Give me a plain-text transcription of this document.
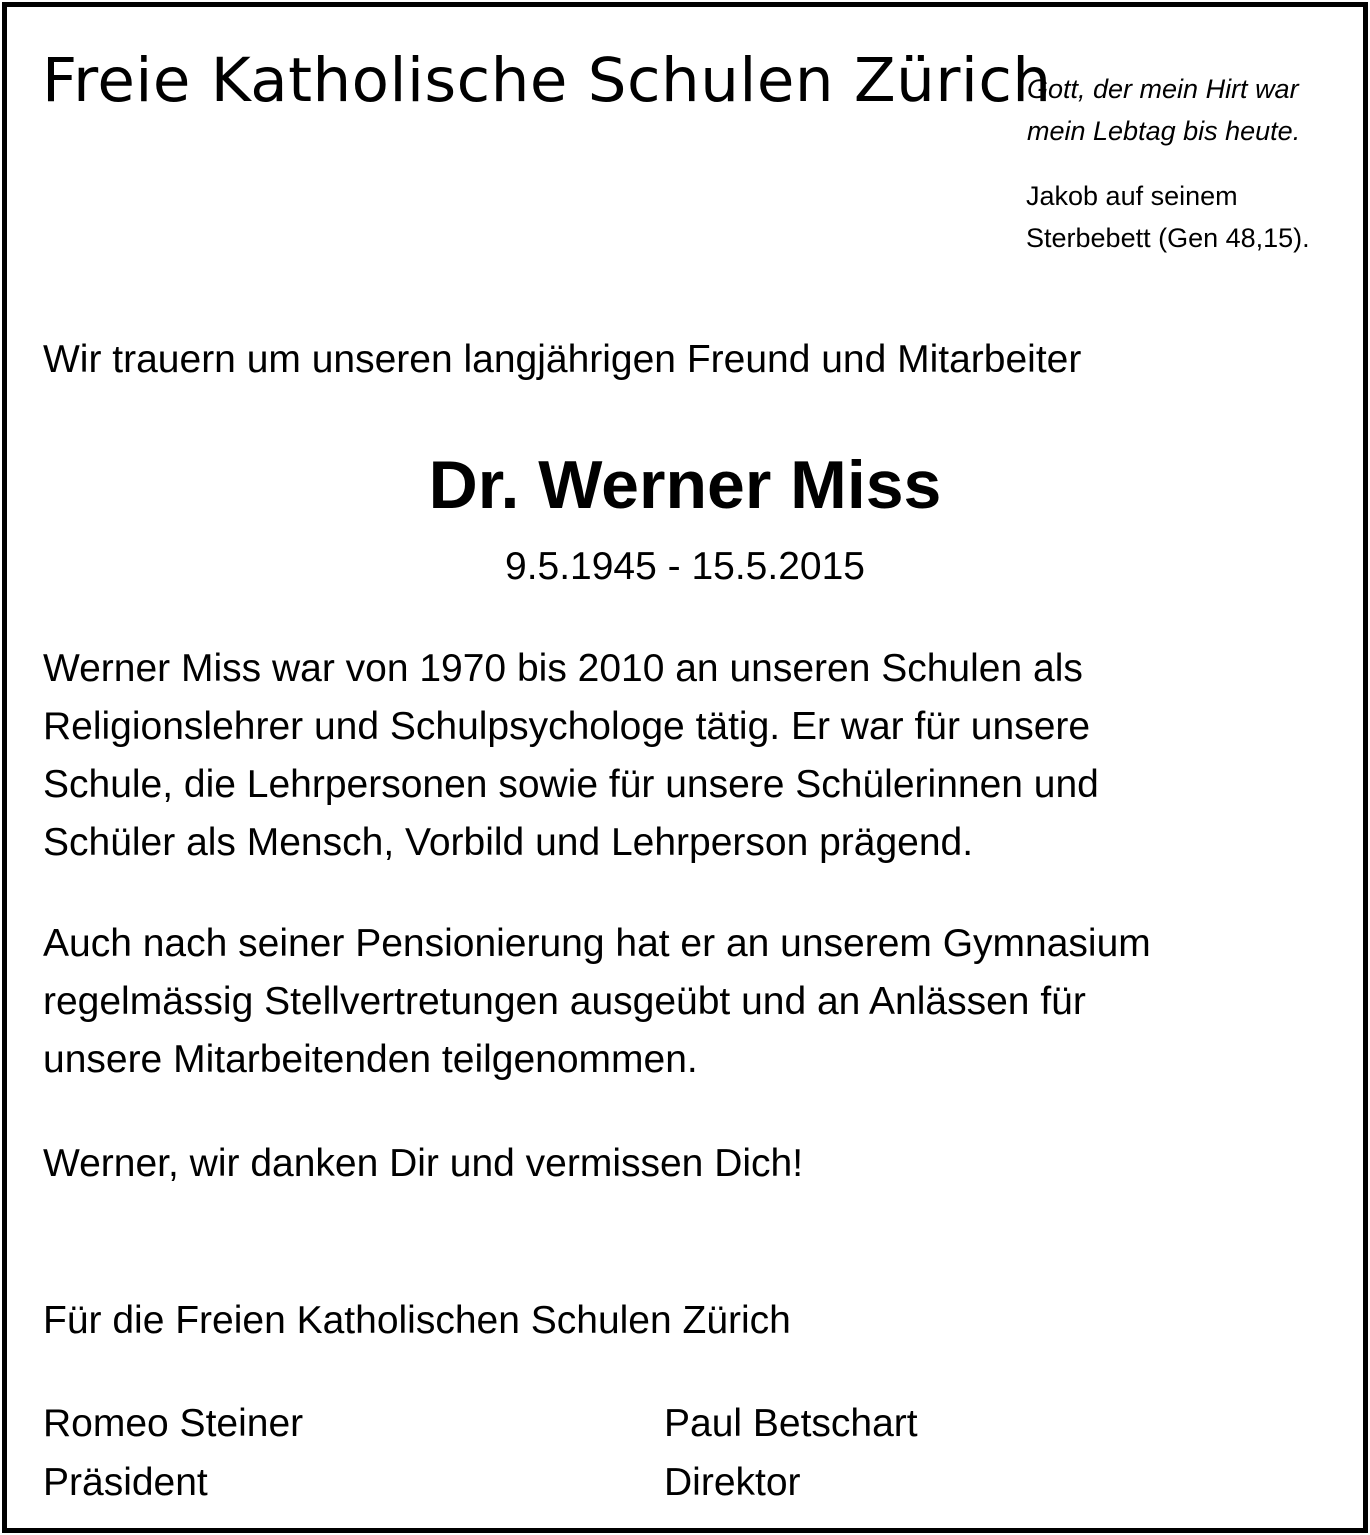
Freie Katholische Schulen Zürich
Gott, der mein Hirt war
mein Lebtag bis heute.
Jakob auf seinem
Sterbebett (Gen 48,15).
Wir trauern um unseren langjährigen Freund und Mitarbeiter
Dr. Werner Miss
9.5.1945 - 15.5.2015
Werner Miss war von 1970 bis 2010 an unseren Schulen als
Religionslehrer und Schulpsychologe tätig. Er war für unsere
Schule, die Lehrpersonen sowie für unsere Schülerinnen und
Schüler als Mensch, Vorbild und Lehrperson prägend.
Auch nach seiner Pensionierung hat er an unserem Gymnasium
regelmässig Stellvertretungen ausgeübt und an Anlässen für
unsere Mitarbeitenden teilgenommen.
Werner, wir danken Dir und vermissen Dich!
Für die Freien Katholischen Schulen Zürich
Romeo Steiner
Präsident
Paul Betschart
Direktor
